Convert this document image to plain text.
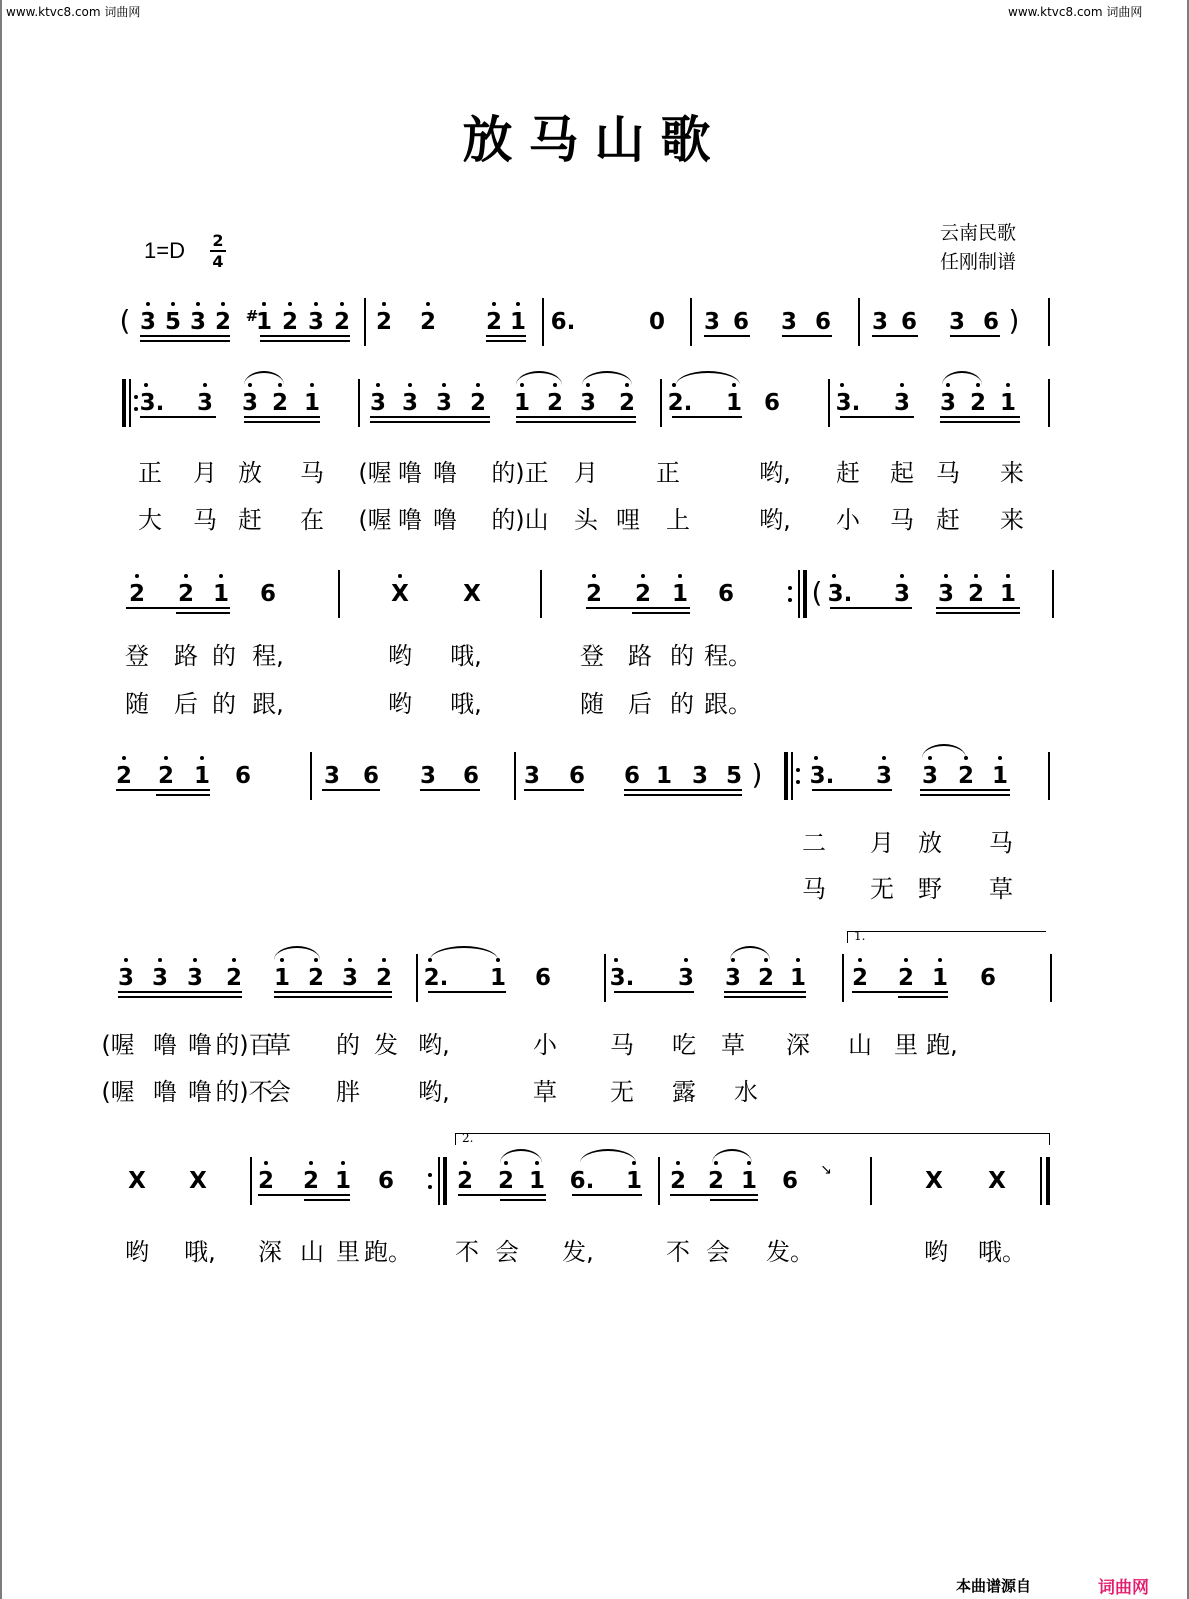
www.ktvc8.com 词曲网	www.ktvc8.com 词曲网
放马山歌
1=D 2
4
云南民歌
任刚制谱
3 5 3 2 #
1 2 3 2 2 2 2 1 6.	0 3 6 3 6 3 6 3 6
(	)
3. 3 3 2 1 3 3 3 2 1 2 3 2 2. 1 6 3. 3 3 2 1
正 月 放 马 (喔 噜 噜 的)正 月 正	哟, 赶 起 马 来
大 马 赶 在 (喔 噜 噜 的)山 头 哩 上	哟, 小 马 赶 来
2 2 1 6	X X	2 2 1 6	3. 3 3 2 1
(
登 路 的 程,	哟 哦,	登 路 的 程。
随 后 的 跟,	哟 哦,	随 后 的 跟。
2 2 1 6	3 6 3 6 3 6 6 1 3 5	3. 3 3 2 1
)
二 月 放 马
马 无 野 草
3 3 3 2 1 2 3 2 2. 1 6	3. 3 3 2 1 2 2 1 6
1.
(喔 噜 噜 的)百
草 的 发 哟,	小 马 吃 草 深 山 里 跑,
(喔 噜 噜 的)不
会 胖 哟,	草 无 露 水
X X 2 2 1 6	2 2 1 6. 1 2 2 1 6	X X
↘
2.
哟 哦, 深 山 里 跑。 不 会 发,	不 会 发。	哟 哦。
本曲谱源自	词曲网
